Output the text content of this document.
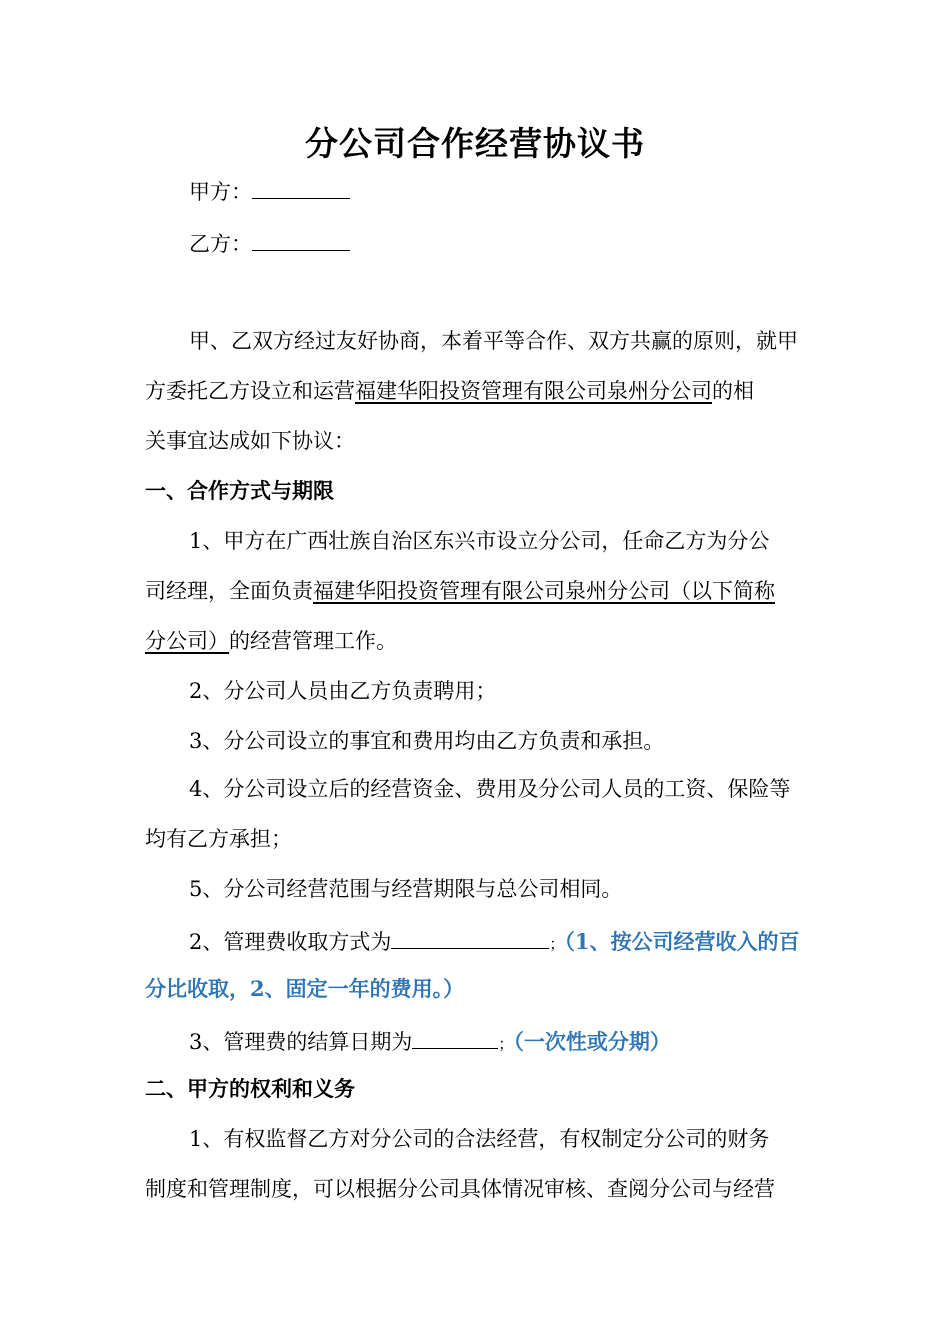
分公司合作经营协议书
甲方：
乙方：
甲、乙双方经过友好协商，本着平等合作、双方共赢的原则，就甲
方委托乙方设立和运营福建华阳投资管理有限公司泉州分公司的相
关事宜达成如下协议：
一、合作方式与期限
1、甲方在广西壮族自治区东兴市设立分公司，任命乙方为分公
司经理，全面负责福建华阳投资管理有限公司泉州分公司（以下简称
分公司）的经营管理工作。
2、分公司人员由乙方负责聘用；
3、分公司设立的事宜和费用均由乙方负责和承担。
4、分公司设立后的经营资金、费用及分公司人员的工资、保险等
均有乙方承担；
5、分公司经营范围与经营期限与总公司相同。
2、管理费收取方式为	；（1、按公司经营收入的百
分比收取，2、固定一年的费用。）
3、管理费的结算日期为	；（一次性或分期）
二、甲方的权利和义务
1、有权监督乙方对分公司的合法经营，有权制定分公司的财务
制度和管理制度，可以根据分公司具体情况审核、查阅分公司与经营
